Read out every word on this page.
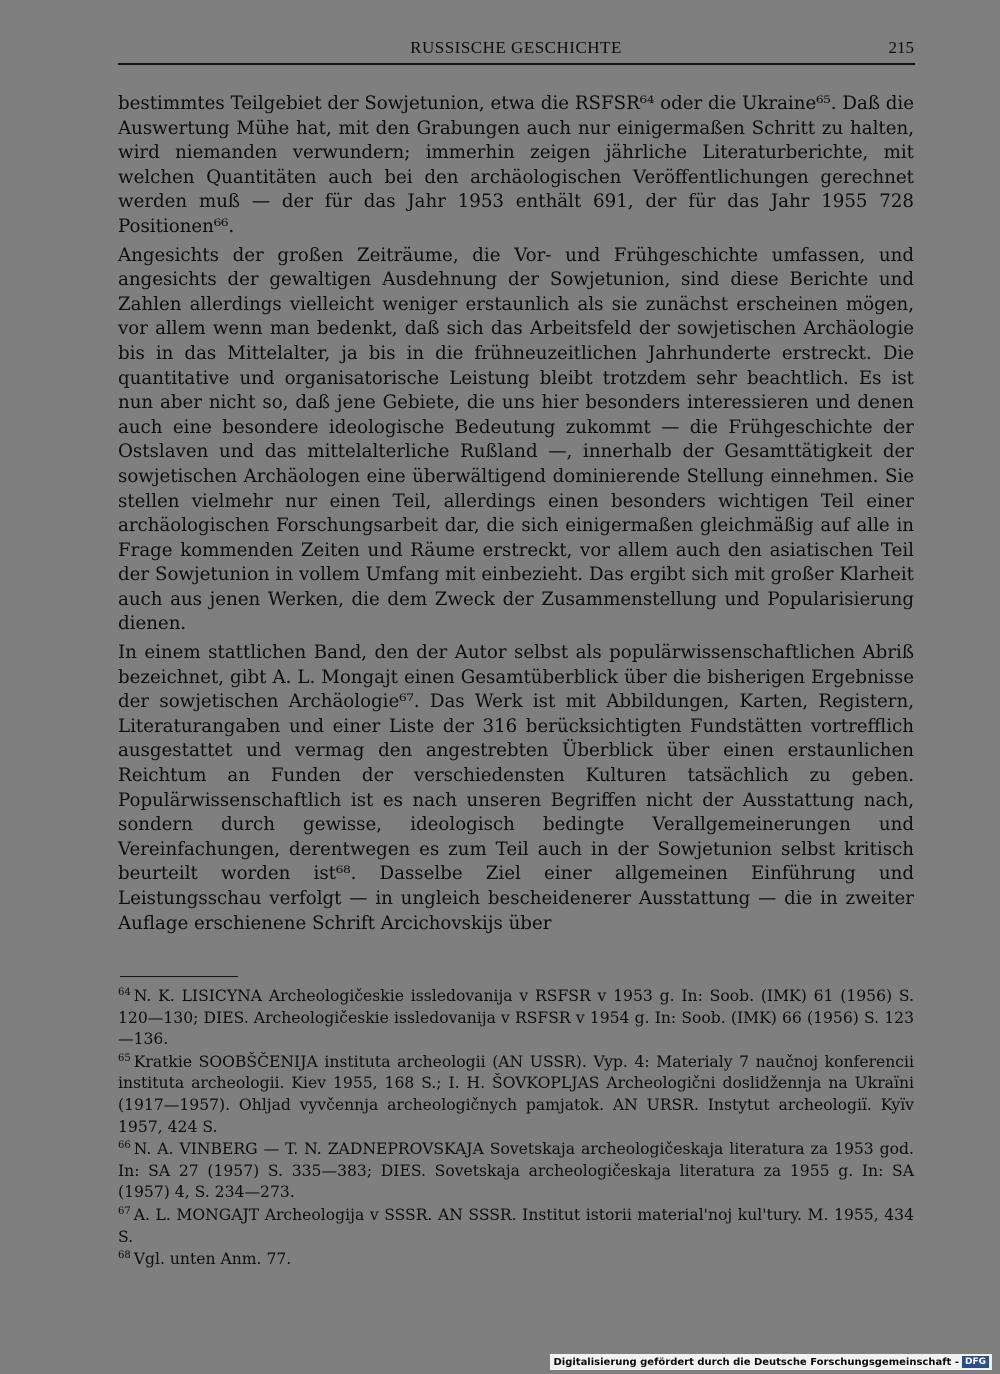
RUSSISCHE GESCHICHTE	215

bestimmtes Teilgebiet der Sowjetunion, etwa die RSFSR⁶⁴ oder die Ukraine⁶⁵. Daß die Auswertung Mühe hat, mit den Grabungen auch nur einigermaßen Schritt zu halten, wird niemanden verwundern; immerhin zeigen jährliche Literaturberichte, mit welchen Quantitäten auch bei den archäologischen Veröffentlichungen gerechnet werden muß — der für das Jahr 1953 enthält 691, der für das Jahr 1955 728 Positionen⁶⁶.

Angesichts der großen Zeiträume, die Vor- und Frühgeschichte umfassen, und angesichts der gewaltigen Ausdehnung der Sowjetunion, sind diese Berichte und Zahlen allerdings vielleicht weniger erstaunlich als sie zunächst erscheinen mögen, vor allem wenn man bedenkt, daß sich das Arbeitsfeld der sowjetischen Archäologie bis in das Mittelalter, ja bis in die frühneuzeitlichen Jahrhunderte erstreckt. Die quantitative und organisatorische Leistung bleibt trotzdem sehr beachtlich. Es ist nun aber nicht so, daß jene Gebiete, die uns hier besonders interessieren und denen auch eine besondere ideologische Bedeutung zukommt — die Frühgeschichte der Ostslaven und das mittelalterliche Rußland —, innerhalb der Gesamttätigkeit der sowjetischen Archäologen eine überwältigend dominierende Stellung einnehmen. Sie stellen vielmehr nur einen Teil, allerdings einen besonders wichtigen Teil einer archäologischen Forschungsarbeit dar, die sich einigermaßen gleichmäßig auf alle in Frage kommenden Zeiten und Räume erstreckt, vor allem auch den asiatischen Teil der Sowjetunion in vollem Umfang mit einbezieht. Das ergibt sich mit großer Klarheit auch aus jenen Werken, die dem Zweck der Zusammenstellung und Popularisierung dienen.

In einem stattlichen Band, den der Autor selbst als populärwissenschaftlichen Abriß bezeichnet, gibt A. L. Mongajt einen Gesamtüberblick über die bisherigen Ergebnisse der sowjetischen Archäologie⁶⁷. Das Werk ist mit Abbildungen, Karten, Registern, Literaturangaben und einer Liste der 316 berücksichtigten Fundstätten vortrefflich ausgestattet und vermag den angestrebten Überblick über einen erstaunlichen Reichtum an Funden der verschiedensten Kulturen tatsächlich zu geben. Populärwissenschaftlich ist es nach unseren Begriffen nicht der Ausstattung nach, sondern durch gewisse, ideologisch bedingte Verallgemeinerungen und Vereinfachungen, derentwegen es zum Teil auch in der Sowjetunion selbst kritisch beurteilt worden ist⁶⁸. Dasselbe Ziel einer allgemeinen Einführung und Leistungsschau verfolgt — in ungleich bescheidenerer Ausstattung — die in zweiter Auflage erschienene Schrift Arcichovskijs über

$^{64}$ N. K. LISICYNA Archeologičeskie issledovanija v RSFSR v 1953 g. In: Soob. (IMK) 61 (1956) S. 120—130; DIES. Archeologičeskie issledovanija v RSFSR v 1954 g. In: Soob. (IMK) 66 (1956) S. 123—136.
$^{65}$ Kratkie SOOBŠČENIJA instituta archeologii (AN USSR). Vyp. 4: Materialy 7 naučnoj konferencii instituta archeologii. Kiev 1955, 168 S.; I. H. ŠOVKOPLJAS Archeologični doslidžennja na Ukraïni (1917—1957). Ohljad vyvčennja archeologičnych pamjatok. AN URSR. Instytut archeologiï. Kyïv 1957, 424 S.
$^{66}$ N. A. VINBERG — T. N. ZADNEPROVSKAJA Sovetskaja archeologičeskaja literatura za 1953 god. In: SA 27 (1957) S. 335—383; DIES. Sovetskaja archeologičeskaja literatura za 1955 g. In: SA (1957) 4, S. 234—273.
$^{67}$ A. L. MONGAJT Archeologija v SSSR. AN SSSR. Institut istorii material'noj kul'tury. M. 1955, 434 S.
$^{68}$ Vgl. unten Anm. 77.
Digitalisierung gefördert durch die Deutsche Forschungsgemeinschaft - DFG
